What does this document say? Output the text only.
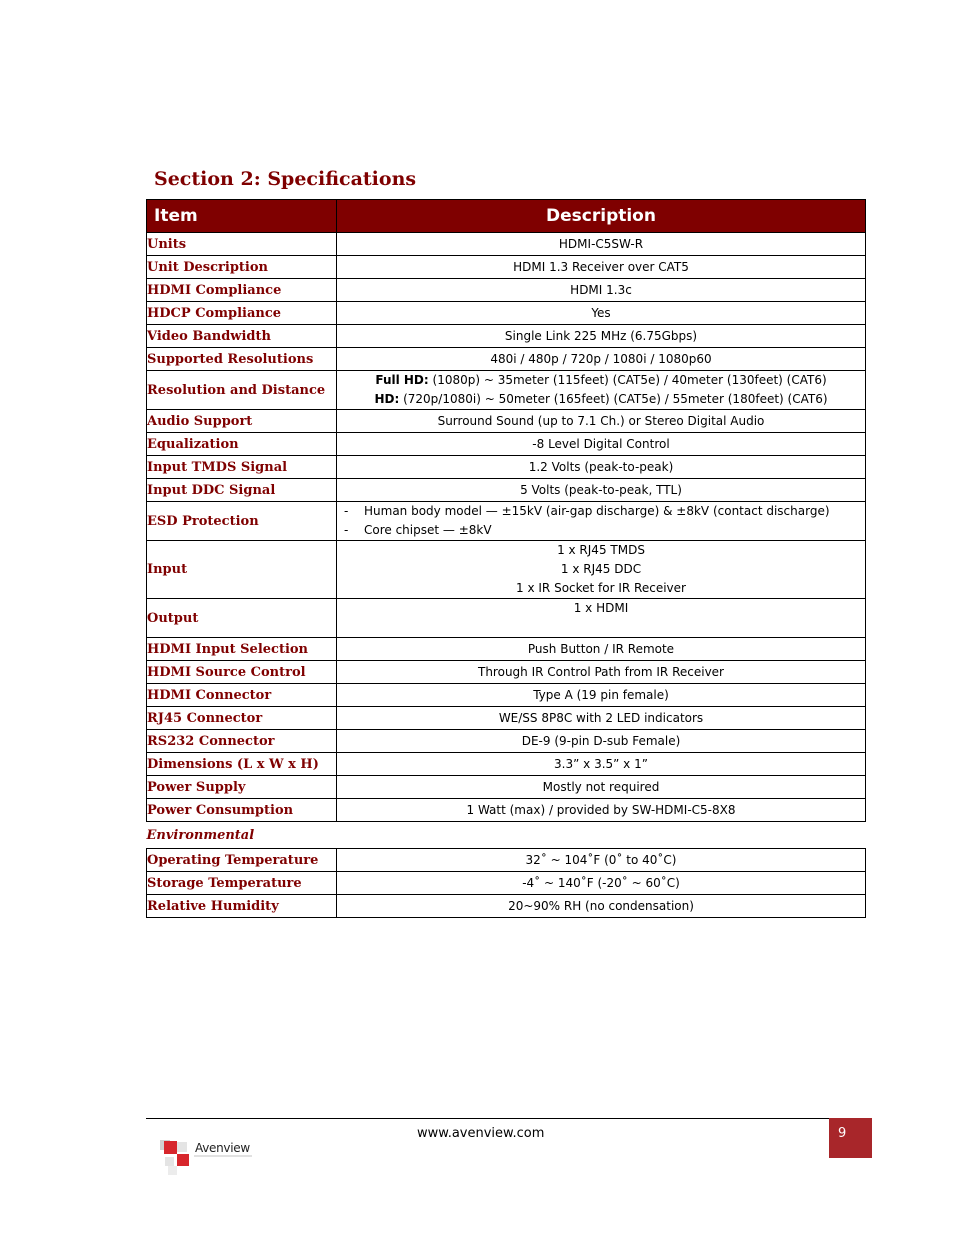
Section 2: Specifications
Item	Description
Units	HDMI-C5SW-R
Unit Description	HDMI 1.3 Receiver over CAT5
HDMI Compliance	HDMI 1.3c
HDCP Compliance	Yes
Video Bandwidth	Single Link 225 MHz (6.75Gbps)
Supported Resolutions	480i / 480p / 720p / 1080i / 1080p60
Resolution and Distance	Full HD: (1080p) ~ 35meter (115feet) (CAT5e) / 40meter (130feet) (CAT6)
HD: (720p/1080i) ~ 50meter (165feet) (CAT5e) / 55meter (180feet) (CAT6)

Audio Support	Surround Sound (up to 7.1 Ch.) or Stereo Digital Audio
Equalization	-8 Level Digital Control
Input TMDS Signal	1.2 Volts (peak-to-peak)
Input DDC Signal	5 Volts (peak-to-peak, TTL)
ESD Protection	- Human body model — ±15kV (air-gap discharge) & ±8kV (contact discharge)
- Core chipset — ±8kV

Input	1 x RJ45 TMDS
1 x RJ45 DDC
1 x IR Socket for IR Receiver

Output	1 x HDMI
HDMI Input Selection	Push Button / IR Remote
HDMI Source Control	Through IR Control Path from IR Receiver
HDMI Connector	Type A (19 pin female)
RJ45 Connector	WE/SS 8P8C with 2 LED indicators
RS232 Connector	DE-9 (9-pin D-sub Female)
Dimensions (L x W x H)	3.3” x 3.5” x 1”
Power Supply	Mostly not required
Power Consumption	1 Watt (max) / provided by SW-HDMI-C5-8X8
Environmental	
Operating Temperature	32˚ ~ 104˚F (0˚ to 40˚C)
Storage Temperature	-4˚ ~ 140˚F (-20˚ ~ 60˚C)
Relative Humidity	20~90% RH (no condensation)
www.avenview.com	9
Avenview
